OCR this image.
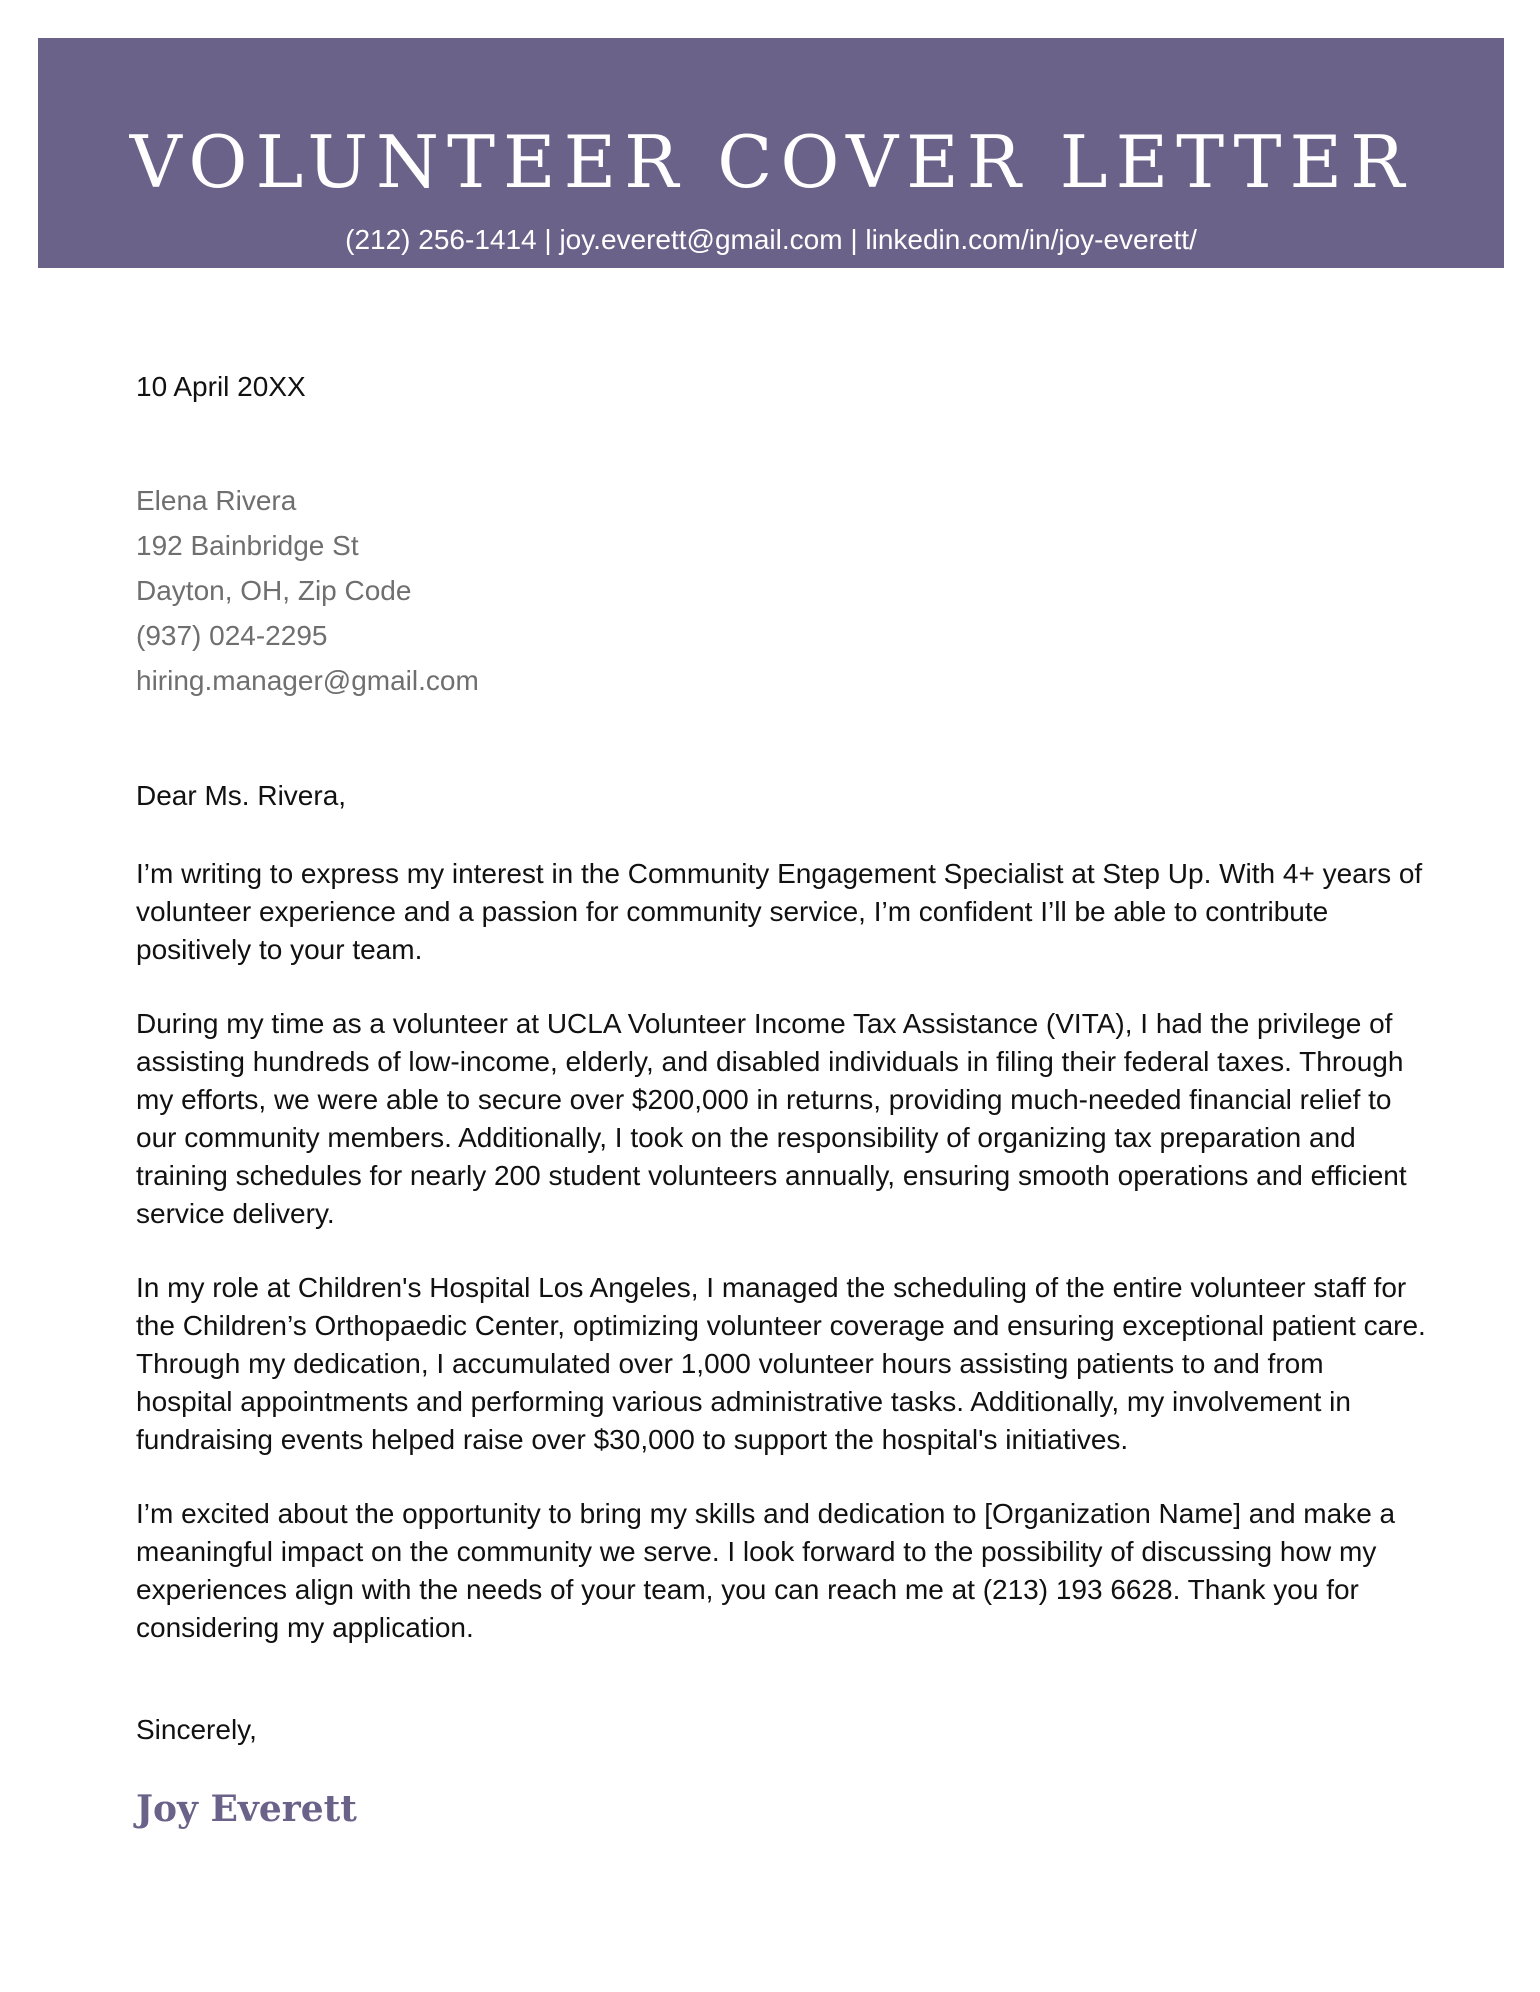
VOLUNTEER COVER LETTER
(212) 256-1414 | joy.everett@gmail.com | linkedin.com/in/joy-everett/

10 April 20XX

Elena Rivera
192 Bainbridge St
Dayton, OH, Zip Code
(937) 024-2295
hiring.manager@gmail.com

Dear Ms. Rivera,

I’m writing to express my interest in the Community Engagement Specialist at Step Up. With 4+ years of volunteer experience and a passion for community service, I’m confident I’ll be able to contribute positively to your team.

During my time as a volunteer at UCLA Volunteer Income Tax Assistance (VITA), I had the privilege of assisting hundreds of low-income, elderly, and disabled individuals in filing their federal taxes. Through my efforts, we were able to secure over $200,000 in returns, providing much-needed financial relief to our community members. Additionally, I took on the responsibility of organizing tax preparation and training schedules for nearly 200 student volunteers annually, ensuring smooth operations and efficient service delivery.

In my role at Children's Hospital Los Angeles, I managed the scheduling of the entire volunteer staff for the Children’s Orthopaedic Center, optimizing volunteer coverage and ensuring exceptional patient care. Through my dedication, I accumulated over 1,000 volunteer hours assisting patients to and from hospital appointments and performing various administrative tasks. Additionally, my involvement in fundraising events helped raise over $30,000 to support the hospital's initiatives.

I’m excited about the opportunity to bring my skills and dedication to [Organization Name] and make a meaningful impact on the community we serve. I look forward to the possibility of discussing how my experiences align with the needs of your team, you can reach me at (213) 193 6628. Thank you for considering my application.

Sincerely,

Joy Everett
